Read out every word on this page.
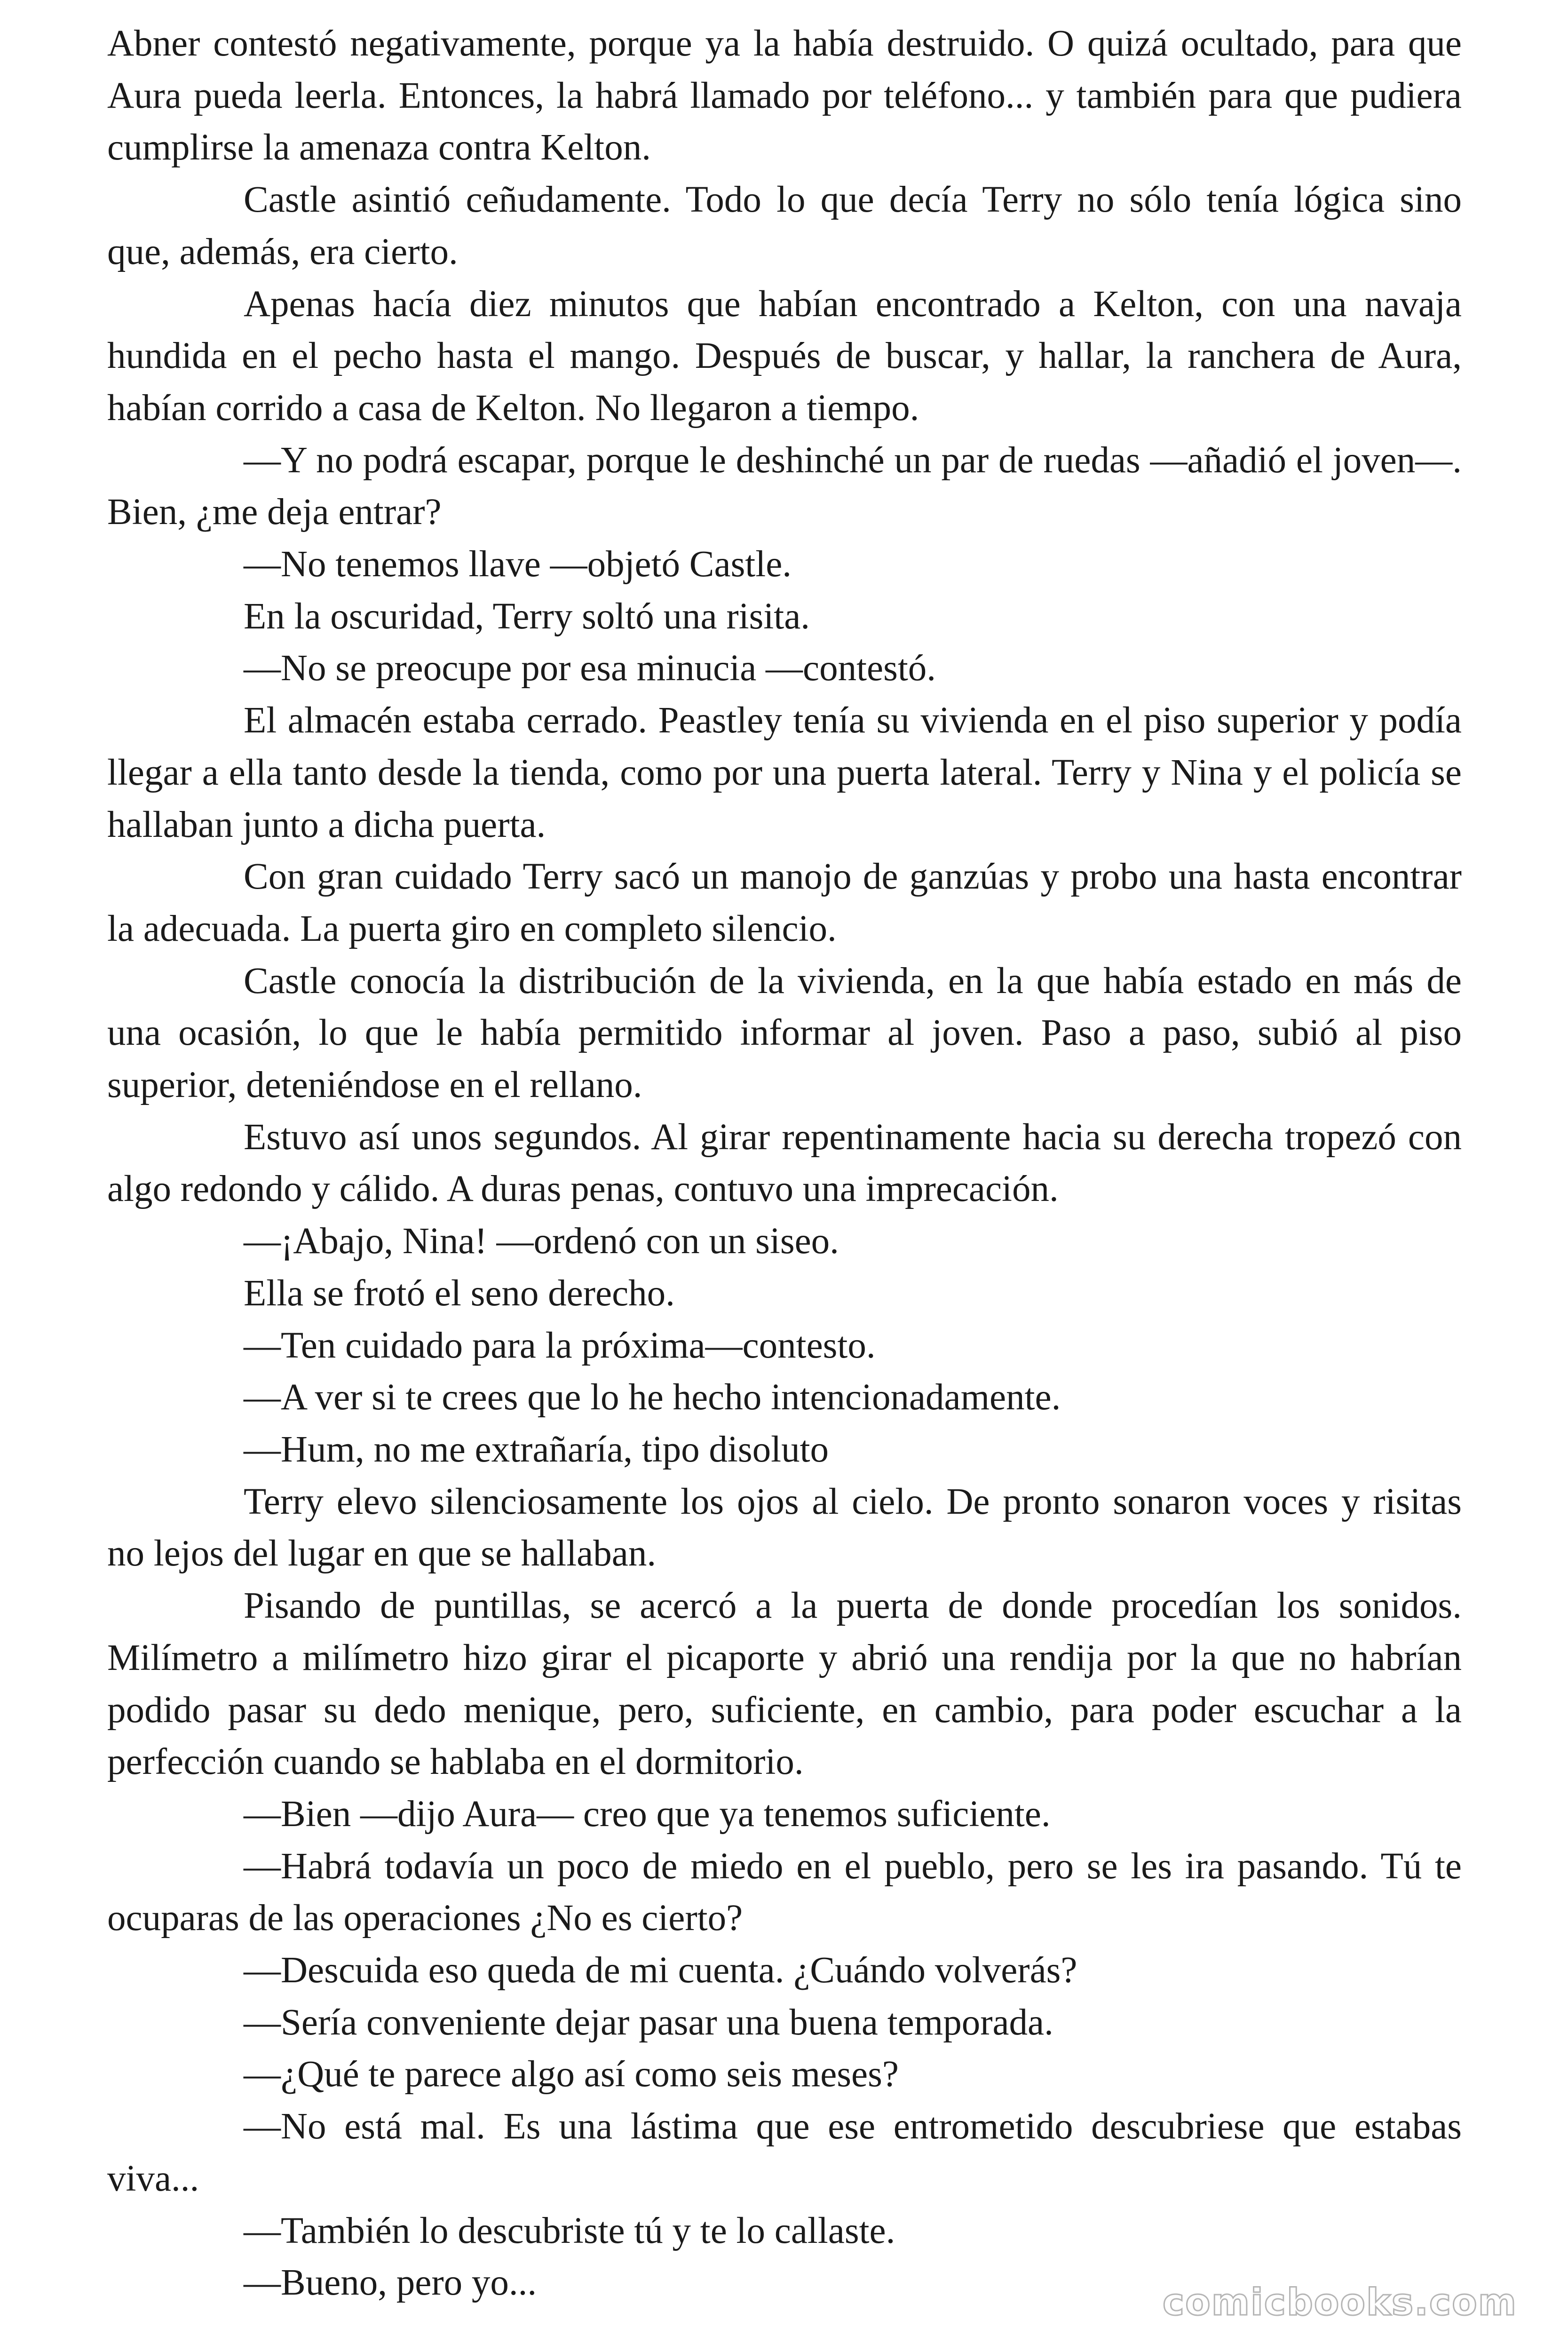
Abner contestó negativamente, porque ya la había destruido. O quizá ocultado, para que Aura pueda leerla. Entonces, la habrá llamado por teléfono... y también para que pudiera cumplirse la amenaza contra Kelton.

Castle asintió ceñudamente. Todo lo que decía Terry no sólo tenía lógica sino que, además, era cierto.

Apenas hacía diez minutos que habían encontrado a Kelton, con una navaja hundida en el pecho hasta el mango. Después de buscar, y hallar, la ranchera de Aura, habían corrido a casa de Kelton. No llegaron a tiempo.

—Y no podrá escapar, porque le deshinché un par de ruedas —añadió el joven—. Bien, ¿me deja entrar?

—No tenemos llave —objetó Castle.

En la oscuridad, Terry soltó una risita.

—No se preocupe por esa minucia —contestó.

El almacén estaba cerrado. Peastley tenía su vivienda en el piso superior y podía llegar a ella tanto desde la tienda, como por una puerta lateral. Terry y Nina y el policía se hallaban junto a dicha puerta.

Con gran cuidado Terry sacó un manojo de ganzúas y probo una hasta encontrar la adecuada. La puerta giro en completo silencio.

Castle conocía la distribución de la vivienda, en la que había estado en más de una ocasión, lo que le había permitido informar al joven. Paso a paso, subió al piso superior, deteniéndose en el rellano.

Estuvo así unos segundos. Al girar repentinamente hacia su derecha tropezó con algo redondo y cálido. A duras penas, contuvo una imprecación.

—¡Abajo, Nina! —ordenó con un siseo.

Ella se frotó el seno derecho.

—Ten cuidado para la próxima—contesto.

—A ver si te crees que lo he hecho intencionadamente.

—Hum, no me extrañaría, tipo disoluto

Terry elevo silenciosamente los ojos al cielo. De pronto sonaron voces y risitas no lejos del lugar en que se hallaban.

Pisando de puntillas, se acercó a la puerta de donde procedían los sonidos. Milímetro a milímetro hizo girar el picaporte y abrió una rendija por la que no habrían podido pasar su dedo menique, pero, suficiente, en cambio, para poder escuchar a la perfección cuando se hablaba en el dormitorio.

—Bien —dijo Aura— creo que ya tenemos suficiente.

—Habrá todavía un poco de miedo en el pueblo, pero se les ira pasando. Tú te ocuparas de las operaciones ¿No es cierto?

—Descuida eso queda de mi cuenta. ¿Cuándo volverás?

—Sería conveniente dejar pasar una buena temporada.

—¿Qué te parece algo así como seis meses?

—No está mal. Es una lástima que ese entrometido descubriese que estabas viva...

—También lo descubriste tú y te lo callaste.

—Bueno, pero yo...	comicbooks.com
